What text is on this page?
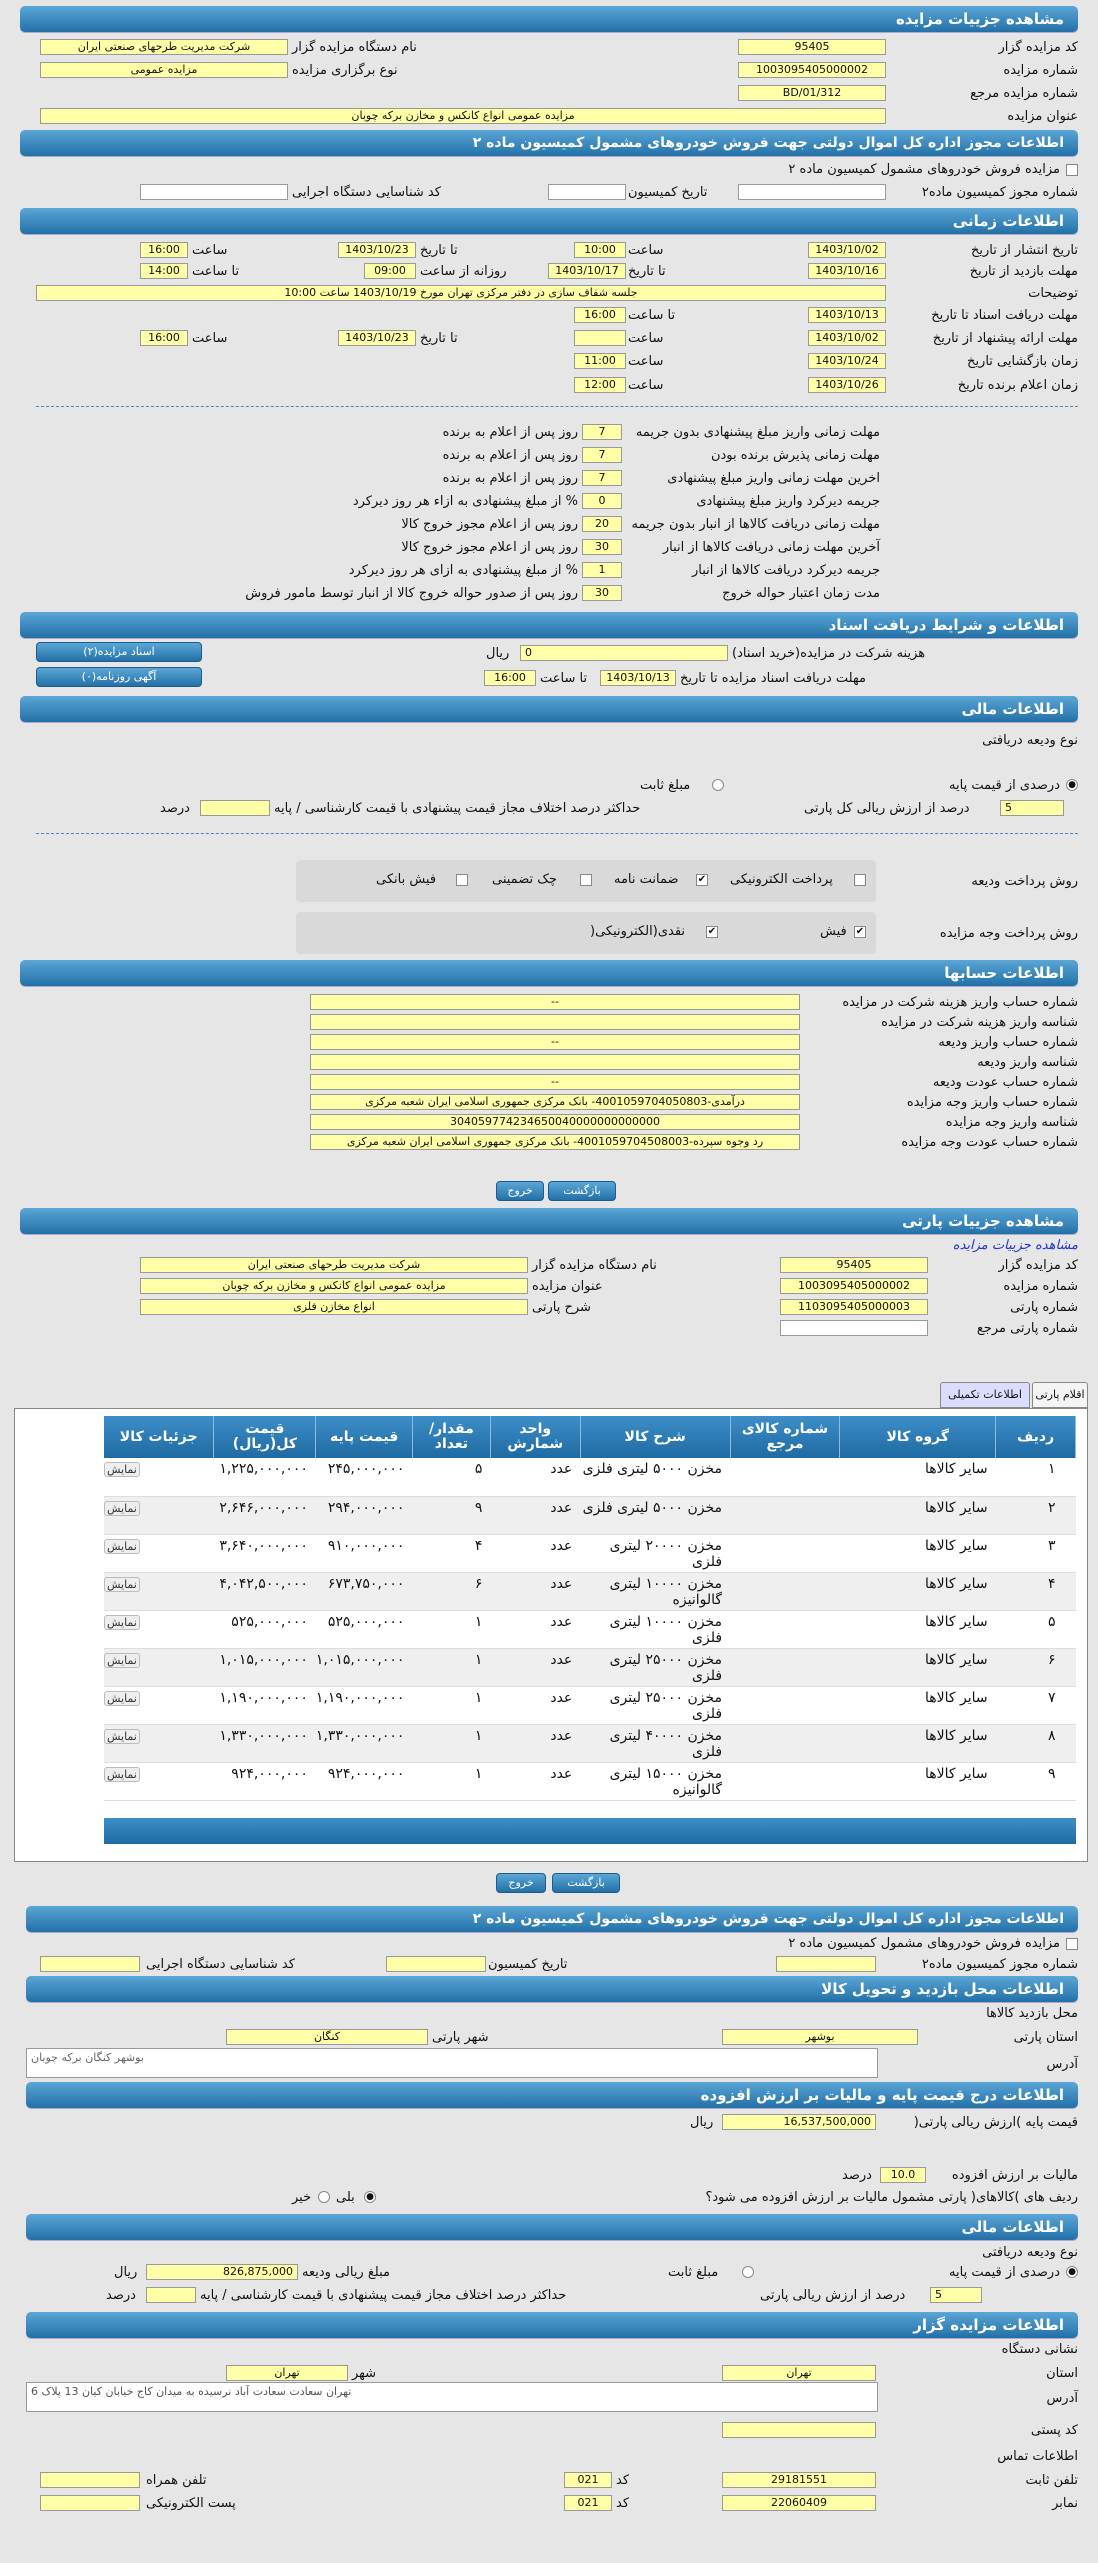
مشاهده جزییات مزایده
کد مزایده گزار
95405
نام دستگاه مزایده گزار
شرکت مدیریت طرحهای صنعتی ایران
شماره مزایده
1003095405000002
نوع برگزاری مزایده
مزایده عمومی
شماره مزایده مرجع
BD/01/312
عنوان مزایده
مزایده عمومی انواع کانکس و مخازن برکه چوبان
اطلاعات مجوز اداره کل اموال دولتی جهت فروش خودروهای مشمول کمیسیون ماده ۲
مزایده فروش خودروهای مشمول کمیسیون ماده ۲
شماره مجوز کمیسیون ماده۲
تاریخ کمیسیون
کد شناسایی دستگاه اجرایی
اطلاعات زمانی
تاریخ انتشار از تاریخ
1403/10/02
ساعت
10:00
تا تاریخ
1403/10/23
ساعت
16:00
مهلت بازدید از تاریخ
1403/10/16
تا تاریخ
1403/10/17
روزانه از ساعت
09:00
تا ساعت
14:00
توضیحات
جلسه شفاف سازی در دفتر مرکزی تهران مورخ 1403/10/19 ساعت 10:00
مهلت دریافت اسناد تا تاریخ
1403/10/13
تا ساعت
16:00
مهلت ارائه پیشنهاد از تاریخ
1403/10/02
ساعت
تا تاریخ
1403/10/23
ساعت
16:00
زمان بازگشایی تاریخ
1403/10/24
ساعت
11:00
زمان اعلام برنده تاریخ
1403/10/26
ساعت
12:00
مهلت زمانی واریز مبلغ پیشنهادی بدون جریمه
7
روز پس از اعلام به برنده
مهلت زمانی پذیرش برنده بودن
7
روز پس از اعلام به برنده
اخرین مهلت زمانی واریز مبلغ پیشنهادی
7
روز پس از اعلام به برنده
جریمه دیرکرد واریز مبلغ پیشنهادی
0
% از مبلغ پیشنهادی به ازاء هر روز دیرکرد
مهلت زمانی دریافت کالاها از انبار بدون جریمه
20
روز پس از اعلام مجوز خروج کالا
آخرین مهلت زمانی دریافت کالاها از انبار
30
روز پس از اعلام مجوز خروج کالا
جریمه دیرکرد دریافت کالاها از انبار
1
% از مبلغ پیشنهادی به ازای هر روز دیرکرد
مدت زمان اعتبار حواله خروج
30
روز پس از صدور حواله خروج کالا از انبار توسط مامور فروش
اطلاعات و شرایط دریافت اسناد
هزینه شرکت در مزایده(خرید اسناد)
0
ریال
اسناد مزایده(۲)
مهلت دریافت اسناد مزایده تا تاریخ
1403/10/13
تا ساعت
16:00
آگهی روزنامه(۰)
اطلاعات مالی
نوع ودیعه دریافتی
●
درصدی از قیمت پایه
مبلغ ثابت
5
درصد از ارزش ریالی کل پارتی
حداکثر درصد اختلاف مجاز قیمت پیشنهادی با قیمت کارشناسی / پایه
درصد
روش پرداخت ودیعه
پرداخت الکترونیکی
✔
ضمانت نامه
چک تضمینی
فیش بانکی
روش پرداخت وجه مزایده
✔
فیش
✔
نقدی(الکترونیکی(
اطلاعات حسابها
شماره حساب واریز هزینه شرکت در مزایده
--
شناسه واریز هزینه شرکت در مزایده
شماره حساب واریز ودیعه
--
شناسه واریز ودیعه
شماره حساب عودت ودیعه
--
شماره حساب واریز وجه مزایده
درآمدی-4001059704050803- بانک مرکزی جمهوری اسلامی ایران شعبه مرکزی
شناسه واریز وجه مزایده
304059774234650040000000000000
شماره حساب عودت وجه مزایده
رد وجوه سپرده-4001059704508003- بانک مرکزی جمهوری اسلامی ایران شعبه مرکزی
بازگشت
خروج
مشاهده جزییات پارتی
مشاهده جزییات مزایده
کد مزایده گزار
95405
نام دستگاه مزایده گزار
شرکت مدیریت طرحهای صنعتی ایران
شماره مزایده
1003095405000002
عنوان مزایده
مزایده عمومی انواع کانکس و مخازن برکه چوبان
شماره پارتی
1103095405000003
شرح پارتی
انواع مخازن فلزی
شماره پارتی مرجع
اقلام پارتی
اطلاعات تکمیلی
ردیف	گروه کالا	شماره کالای مرجع	شرح کالا	واحد شمارش	مقدار/ تعداد	قیمت پایه	قیمت کل(ریال)	جزئیات کالا
۱	سایر کالاها		مخزن ۵۰۰۰ لیتری فلزی	عدد	۵	۲۴۵,۰۰۰,۰۰۰	۱,۲۲۵,۰۰۰,۰۰۰	نمایش
۲	سایر کالاها		مخزن ۵۰۰۰ لیتری فلزی	عدد	۹	۲۹۴,۰۰۰,۰۰۰	۲,۶۴۶,۰۰۰,۰۰۰	نمایش
۳	سایر کالاها		مخزن ۲۰۰۰۰ لیتری فلزی	عدد	۴	۹۱۰,۰۰۰,۰۰۰	۳,۶۴۰,۰۰۰,۰۰۰	نمایش
۴	سایر کالاها		مخزن ۱۰۰۰۰ لیتری گالوانیزه	عدد	۶	۶۷۳,۷۵۰,۰۰۰	۴,۰۴۲,۵۰۰,۰۰۰	نمایش
۵	سایر کالاها		مخزن ۱۰۰۰۰ لیتری فلزی	عدد	۱	۵۲۵,۰۰۰,۰۰۰	۵۲۵,۰۰۰,۰۰۰	نمایش
۶	سایر کالاها		مخزن ۲۵۰۰۰ لیتری فلزی	عدد	۱	۱,۰۱۵,۰۰۰,۰۰۰	۱,۰۱۵,۰۰۰,۰۰۰	نمایش
۷	سایر کالاها		مخزن ۲۵۰۰۰ لیتری فلزی	عدد	۱	۱,۱۹۰,۰۰۰,۰۰۰	۱,۱۹۰,۰۰۰,۰۰۰	نمایش
۸	سایر کالاها		مخزن ۴۰۰۰۰ لیتری فلزی	عدد	۱	۱,۳۳۰,۰۰۰,۰۰۰	۱,۳۳۰,۰۰۰,۰۰۰	نمایش
۹	سایر کالاها		مخزن ۱۵۰۰۰ لیتری گالوانیزه	عدد	۱	۹۲۴,۰۰۰,۰۰۰	۹۲۴,۰۰۰,۰۰۰	نمایش
بازگشت
خروج
اطلاعات مجوز اداره کل اموال دولتی جهت فروش خودروهای مشمول کمیسیون ماده ۲
مزایده فروش خودروهای مشمول کمیسیون ماده ۲
شماره مجوز کمیسیون ماده۲
تاریخ کمیسیون
کد شناسایی دستگاه اجرایی
اطلاعات محل بازدید و تحویل کالا
محل بازدید کالاها
استان پارتی
بوشهر
شهر پارتی
کنگان
آدرس
بوشهر کنگان برکه چوبان
اطلاعات درج قیمت پایه و مالیات بر ارزش افزوده
قیمت پایه )ارزش ریالی پارتی(
16,537,500,000
ریال
مالیات بر ارزش افزوده
10.0
درصد
ردیف های )کالاهای( پارتی مشمول مالیات بر ارزش افزوده می شود؟
●
بلی
خیر
اطلاعات مالی
نوع ودیعه دریافتی
●
درصدی از قیمت پایه
مبلغ ثابت
مبلغ ریالی ودیعه
826,875,000
ریال
5
درصد از ارزش ریالی پارتی
حداکثر درصد اختلاف مجاز قیمت پیشنهادی با قیمت کارشناسی / پایه
درصد
اطلاعات مزایده گزار
نشانی دستگاه
استان
تهران
شهر
تهران
آدرس
تهران سعادت سعادت آباد نرسیده به میدان کاج خیابان کیان 13 پلاک 6
کد پستی
اطلاعات تماس
تلفن ثابت
29181551
کد
021
تلفن همراه
نمابر
22060409
کد
021
پست الکترونیکی
